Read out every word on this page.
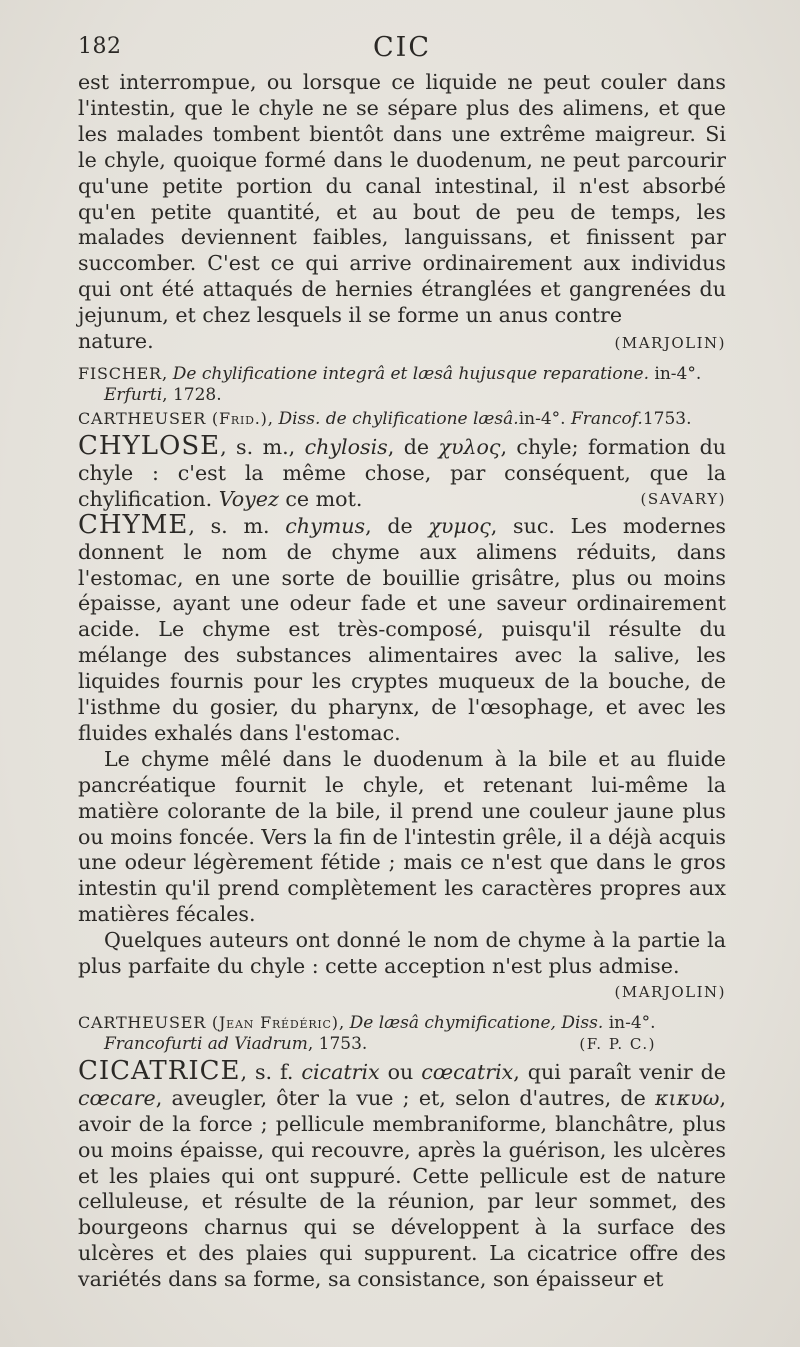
182	CIC

est interrompue, ou lorsque ce liquide ne peut couler dans l'intestin, que le chyle ne se sépare plus des alimens, et que les malades tombent bientôt dans une extrême maigreur. Si le chyle, quoique formé dans le duodenum, ne peut parcourir qu'une petite portion du canal intestinal, il n'est absorbé qu'en petite quantité, et au bout de peu de temps, les malades deviennent faibles, languissans, et finissent par succomber. C'est ce qui arrive ordinairement aux individus qui ont été attaqués de hernies étranglées et gangrenées du jejunum, et chez lesquels il se forme un anus contre

nature.	(MARJOLIN)

FISCHER, De chylificatione integrâ et læsâ hujusque reparatione. in-4°. Erfurti, 1728.

CARTHEUSER (Frid.), Diss. de chylificatione læsâ.in-4°. Francof.1753.

CHYLOSE, s. m., chylosis, de χυλος, chyle; formation du chyle : c'est la même chose, par conséquent, que la chylification. Voyez ce mot.	(SAVARY)

CHYME, s. m. chymus, de χυμος, suc. Les modernes donnent le nom de chyme aux alimens réduits, dans l'estomac, en une sorte de bouillie grisâtre, plus ou moins épaisse, ayant une odeur fade et une saveur ordinairement acide. Le chyme est très-composé, puisqu'il résulte du mélange des substances alimentaires avec la salive, les liquides fournis pour les cryptes muqueux de la bouche, de l'isthme du gosier, du pharynx, de l'œsophage, et avec les fluides exhalés dans l'estomac.

Le chyme mêlé dans le duodenum à la bile et au fluide pancréatique fournit le chyle, et retenant lui-même la matière colorante de la bile, il prend une couleur jaune plus ou moins foncée. Vers la fin de l'intestin grêle, il a déjà acquis une odeur légèrement fétide ; mais ce n'est que dans le gros intestin qu'il prend complètement les caractères propres aux matières fécales.

Quelques auteurs ont donné le nom de chyme à la partie la plus parfaite du chyle : cette acception n'est plus admise.

(MARJOLIN)

CARTHEUSER (Jean Frédéric), De læsâ chymificatione, Diss. in-4°. Francofurti ad Viadrum, 1753.	(F. P. C.)

CICATRICE, s. f. cicatrix ou cœcatrix, qui paraît venir de cœcare, aveugler, ôter la vue ; et, selon d'autres, de κικυω, avoir de la force ; pellicule membraniforme, blanchâtre, plus ou moins épaisse, qui recouvre, après la guérison, les ulcères et les plaies qui ont suppuré. Cette pellicule est de nature celluleuse, et résulte de la réunion, par leur sommet, des bourgeons charnus qui se développent à la surface des ulcères et des plaies qui suppurent. La cicatrice offre des variétés dans sa forme, sa consistance, son épaisseur et
